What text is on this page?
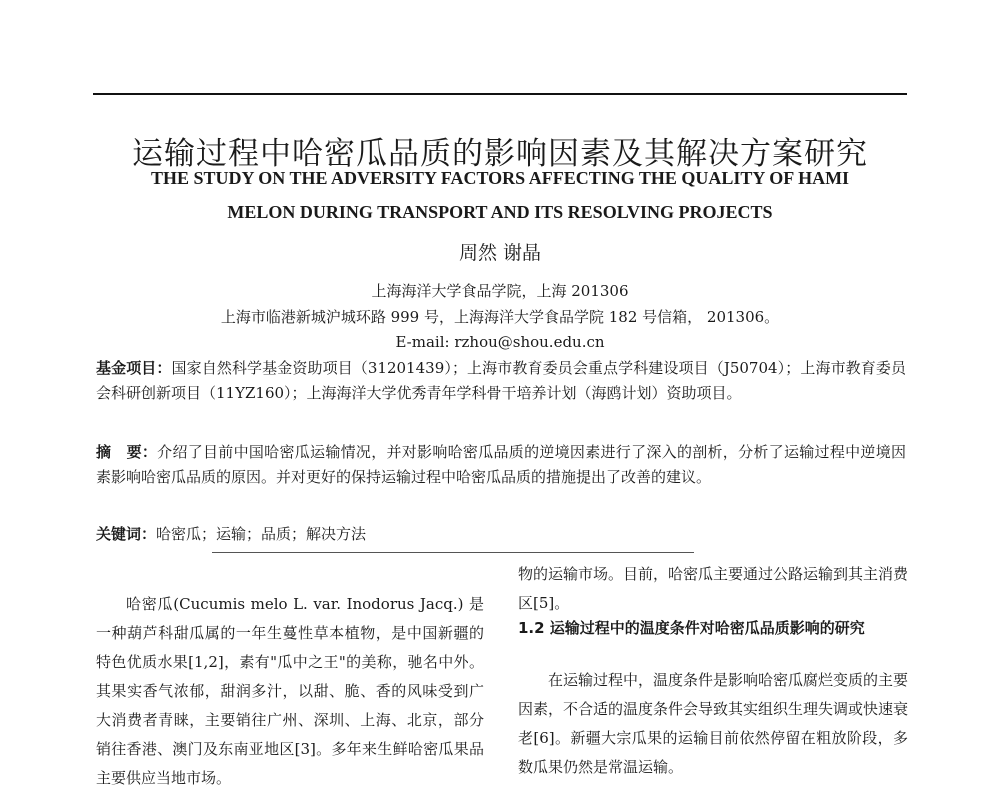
运输过程中哈密瓜品质的影响因素及其解决方案研究
THE STUDY ON THE ADVERSITY FACTORS AFFECTING THE QUALITY OF HAMI
MELON DURING TRANSPORT AND ITS RESOLVING PROJECTS
周然 谢晶
上海海洋大学食品学院，上海 201306
上海市临港新城沪城环路 999 号，上海海洋大学食品学院 182 号信箱， 201306。
E-mail: rzhou@shou.edu.cn
基金项目：国家自然科学基金资助项目（31201439）；上海市教育委员会重点学科建设项目（J50704）；上海市教育委员会科研创新项目（11YZ160）；上海海洋大学优秀青年学科骨干培养计划（海鸥计划）资助项目。
摘　要：介绍了目前中国哈密瓜运输情况，并对影响哈密瓜品质的逆境因素进行了深入的剖析，分析了运输过程中逆境因素影响哈密瓜品质的原因。并对更好的保持运输过程中哈密瓜品质的措施提出了改善的建议。
关键词：哈密瓜；运输；品质；解决方法
哈密瓜(Cucumis melo L. var. Inodorus Jacq.) 是一种葫芦科甜瓜属的一年生蔓性草本植物，是中国新疆的特色优质水果[1,2]，素有"瓜中之王"的美称，驰名中外。其果实香气浓郁，甜润多汁，以甜、脆、香的风味受到广大消费者青睐，主要销往广州、深圳、上海、北京，部分销往香港、澳门及东南亚地区[3]。多年来生鲜哈密瓜果品主要供应当地市场。
物的运输市场。目前，哈密瓜主要通过公路运输到其主消费区[5]。
1.2 运输过程中的温度条件对哈密瓜品质影响的研究
在运输过程中，温度条件是影响哈密瓜腐烂变质的主要因素，不合适的温度条件会导致其实组织生理失调或快速衰老[6]。新疆大宗瓜果的运输目前依然停留在粗放阶段，多数瓜果仍然是常温运输。
